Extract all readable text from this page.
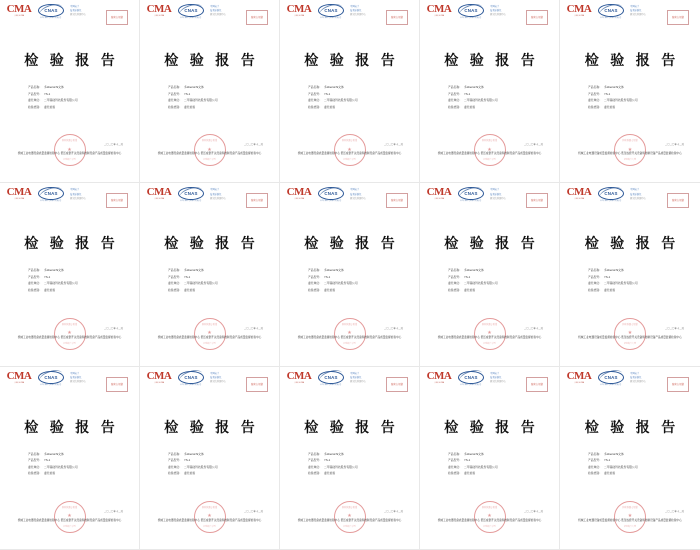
CMA
计量认证 CMA
CNAS
中国合格评定国家认可委员会
中国电子
技术标准化
研究院检测中心
检验专用章
检 验 报 告
产品名称： 多übersicht文体
产品型号： YS-1
委托单位： 二甲基硅科技股份有限公司
检验类别： 委托检验
检验检测专用章
★
检验报告专用
二〇二〇年十二月
机械工业电器设备质量监督检验中心 低压成套开关设备和控制设备产品质量监督检验中心
CMA
计量认证 CMA
CNAS
中国合格评定国家认可委员会
中国电子
技术标准化
研究院检测中心
检验专用章
检 验 报 告
产品名称： 多übersicht文体
产品型号： YS-1
委托单位： 二甲基硅科技股份有限公司
检验类别： 委托检验
检验检测专用章
★
检验报告专用
二〇二〇年十二月
机械工业电器设备质量监督检验中心 低压成套开关设备和控制设备产品质量监督检验中心
CMA
计量认证 CMA
CNAS
中国合格评定国家认可委员会
中国电子
技术标准化
研究院检测中心
检验专用章
检 验 报 告
产品名称： 多übersicht文体
产品型号： YS-1
委托单位： 二甲基硅科技股份有限公司
检验类别： 委托检验
检验检测专用章
★
检验报告专用
二〇二〇年十二月
机械工业电器设备质量监督检验中心 低压成套开关设备和控制设备产品质量监督检验中心
CMA
计量认证 CMA
CNAS
中国合格评定国家认可委员会
中国电子
技术标准化
研究院检测中心
检验专用章
检 验 报 告
产品名称： 多übersicht文体
产品型号： YS-1
委托单位： 二甲基硅科技股份有限公司
检验类别： 委托检验
检验检测专用章
★
检验报告专用
二〇二〇年十二月
机械工业电器设备质量监督检验中心 低压成套开关设备和控制设备产品质量监督检验中心
CMA
计量认证 CMA
CNAS
中国合格评定国家认可委员会
中国电子
技术标准化
研究院检测中心
检验专用章
检 验 报 告
产品名称： 多übersicht文体
产品型号： YS-1
委托单位： 二甲基硅科技股份有限公司
检验类别： 委托检验
检验检测专用章
★
检验报告专用
二〇二〇年十二月
机械工业电器设备质量监督检验中心 低压成套开关设备和控制设备产品质量监督检验中心
CMA
计量认证 CMA
CNAS
中国合格评定国家认可委员会
中国电子
技术标准化
研究院检测中心
检验专用章
检 验 报 告
产品名称： 多übersicht文体
产品型号： YS-1
委托单位： 二甲基硅科技股份有限公司
检验类别： 委托检验
检验检测专用章
★
检验报告专用
二〇二〇年十二月
机械工业电器设备质量监督检验中心 低压成套开关设备和控制设备产品质量监督检验中心
CMA
计量认证 CMA
CNAS
中国合格评定国家认可委员会
中国电子
技术标准化
研究院检测中心
检验专用章
检 验 报 告
产品名称： 多übersicht文体
产品型号： YS-1
委托单位： 二甲基硅科技股份有限公司
检验类别： 委托检验
检验检测专用章
★
检验报告专用
二〇二〇年十二月
机械工业电器设备质量监督检验中心 低压成套开关设备和控制设备产品质量监督检验中心
CMA
计量认证 CMA
CNAS
中国合格评定国家认可委员会
中国电子
技术标准化
研究院检测中心
检验专用章
检 验 报 告
产品名称： 多übersicht文体
产品型号： YS-1
委托单位： 二甲基硅科技股份有限公司
检验类别： 委托检验
检验检测专用章
★
检验报告专用
二〇二〇年十二月
机械工业电器设备质量监督检验中心 低压成套开关设备和控制设备产品质量监督检验中心
CMA
计量认证 CMA
CNAS
中国合格评定国家认可委员会
中国电子
技术标准化
研究院检测中心
检验专用章
检 验 报 告
产品名称： 多übersicht文体
产品型号： YS-1
委托单位： 二甲基硅科技股份有限公司
检验类别： 委托检验
检验检测专用章
★
检验报告专用
二〇二〇年十二月
机械工业电器设备质量监督检验中心 低压成套开关设备和控制设备产品质量监督检验中心
CMA
计量认证 CMA
CNAS
中国合格评定国家认可委员会
中国电子
技术标准化
研究院检测中心
检验专用章
检 验 报 告
产品名称： 多übersicht文体
产品型号： YS-1
委托单位： 二甲基硅科技股份有限公司
检验类别： 委托检验
检验检测专用章
★
检验报告专用
二〇二〇年十二月
机械工业电器设备质量监督检验中心 低压成套开关设备和控制设备产品质量监督检验中心
CMA
计量认证 CMA
CNAS
中国合格评定国家认可委员会
中国电子
技术标准化
研究院检测中心
检验专用章
检 验 报 告
产品名称： 多übersicht文体
产品型号： YS-1
委托单位： 二甲基硅科技股份有限公司
检验类别： 委托检验
检验检测专用章
★
检验报告专用
二〇二〇年十二月
机械工业电器设备质量监督检验中心 低压成套开关设备和控制设备产品质量监督检验中心
CMA
计量认证 CMA
CNAS
中国合格评定国家认可委员会
中国电子
技术标准化
研究院检测中心
检验专用章
检 验 报 告
产品名称： 多übersicht文体
产品型号： YS-1
委托单位： 二甲基硅科技股份有限公司
检验类别： 委托检验
检验检测专用章
★
检验报告专用
二〇二〇年十二月
机械工业电器设备质量监督检验中心 低压成套开关设备和控制设备产品质量监督检验中心
CMA
计量认证 CMA
CNAS
中国合格评定国家认可委员会
中国电子
技术标准化
研究院检测中心
检验专用章
检 验 报 告
产品名称： 多übersicht文体
产品型号： YS-1
委托单位： 二甲基硅科技股份有限公司
检验类别： 委托检验
检验检测专用章
★
检验报告专用
二〇二〇年十二月
机械工业电器设备质量监督检验中心 低压成套开关设备和控制设备产品质量监督检验中心
CMA
计量认证 CMA
CNAS
中国合格评定国家认可委员会
中国电子
技术标准化
研究院检测中心
检验专用章
检 验 报 告
产品名称： 多übersicht文体
产品型号： YS-1
委托单位： 二甲基硅科技股份有限公司
检验类别： 委托检验
检验检测专用章
★
检验报告专用
二〇二〇年十二月
机械工业电器设备质量监督检验中心 低压成套开关设备和控制设备产品质量监督检验中心
CMA
计量认证 CMA
CNAS
中国合格评定国家认可委员会
中国电子
技术标准化
研究院检测中心
检验专用章
检 验 报 告
产品名称： 多übersicht文体
产品型号： YS-1
委托单位： 二甲基硅科技股份有限公司
检验类别： 委托检验
检验检测专用章
★
检验报告专用
二〇二〇年十二月
机械工业电器设备质量监督检验中心 低压成套开关设备和控制设备产品质量监督检验中心
